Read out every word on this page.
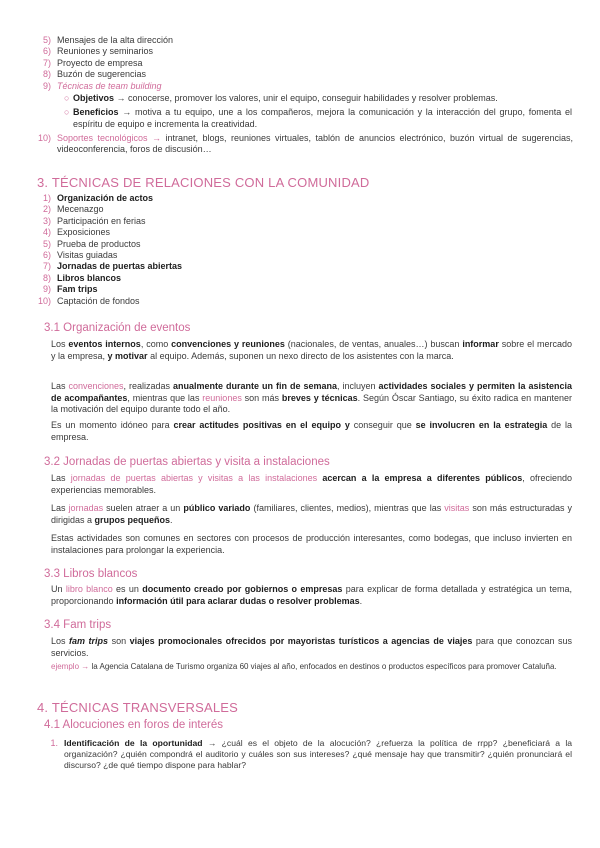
5) Mensajes de la alta dirección
6) Reuniones y seminarios
7) Proyecto de empresa
8) Buzón de sugerencias
9) Técnicas de team building
○ Objetivos → conocerse, promover los valores, unir el equipo, conseguir habilidades y resolver problemas.
○ Beneficios → motiva a tu equipo, une a los compañeros, mejora la comunicación y la interacción del grupo, fomenta el espíritu de equipo e incrementa la creatividad.
10) Soportes tecnológicos → intranet, blogs, reuniones virtuales, tablón de anuncios electrónico, buzón virtual de sugerencias, videoconferencia, foros de discusión…
3. TÉCNICAS DE RELACIONES CON LA COMUNIDAD
1) Organización de actos
2) Mecenazgo
3) Participación en ferias
4) Exposiciones
5) Prueba de productos
6) Visitas guiadas
7) Jornadas de puertas abiertas
8) Libros blancos
9) Fam trips
10) Captación de fondos
3.1 Organización de eventos

Los eventos internos, como convenciones y reuniones (nacionales, de ventas, anuales…) buscan informar sobre el mercado y la empresa, y motivar al equipo. Además, suponen un nexo directo de los asistentes con la marca.

Las convenciones, realizadas anualmente durante un fin de semana, incluyen actividades sociales y permiten la asistencia de acompañantes, mientras que las reuniones son más breves y técnicas. Según Óscar Santiago, su éxito radica en mantener la motivación del equipo durante todo el año.

Es un momento idóneo para crear actitudes positivas en el equipo y conseguir que se involucren en la estrategia de la empresa.

3.2 Jornadas de puertas abiertas y visita a instalaciones

Las jornadas de puertas abiertas y visitas a las instalaciones acercan a la empresa a diferentes públicos, ofreciendo experiencias memorables.

Las jornadas suelen atraer a un público variado (familiares, clientes, medios), mientras que las visitas son más estructuradas y dirigidas a grupos pequeños.

Estas actividades son comunes en sectores con procesos de producción interesantes, como bodegas, que incluso invierten en instalaciones para prolongar la experiencia.

3.3 Libros blancos

Un libro blanco es un documento creado por gobiernos o empresas para explicar de forma detallada y estratégica un tema, proporcionando información útil para aclarar dudas o resolver problemas.

3.4 Fam trips

Los fam trips son viajes promocionales ofrecidos por mayoristas turísticos a agencias de viajes para que conozcan sus servicios.

ejemplo → la Agencia Catalana de Turismo organiza 60 viajes al año, enfocados en destinos o productos específicos para promover Cataluña.

4. TÉCNICAS TRANSVERSALES
4.1 Alocuciones en foros de interés
1. Identificación de la oportunidad → ¿cuál es el objeto de la alocución? ¿refuerza la política de rrpp? ¿beneficiará a la organización? ¿quién compondrá el auditorio y cuáles son sus intereses? ¿qué mensaje hay que transmitir? ¿quién pronunciará el discurso? ¿de qué tiempo dispone para hablar?
